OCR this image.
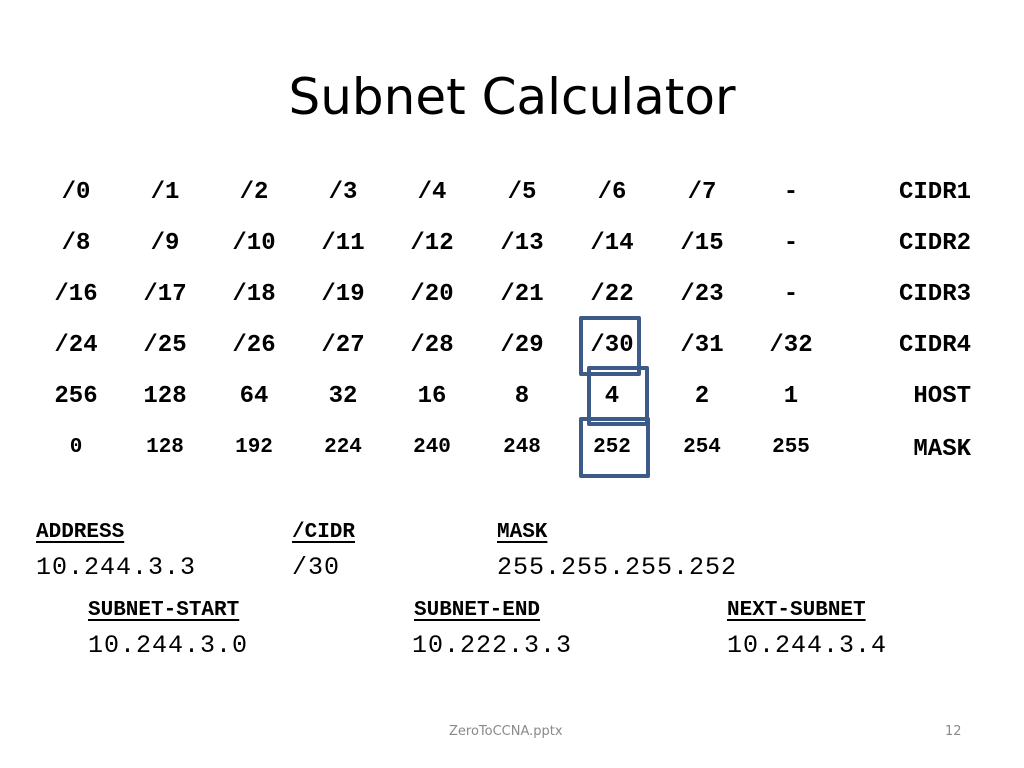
Subnet Calculator
/0	/1	/2	/3	/4	/5	/6	/7	-	CIDR1
/8	/9	/10	/11	/12	/13	/14	/15	-	CIDR2
/16	/17	/18	/19	/20	/21	/22	/23	-	CIDR3
/24	/25	/26	/27	/28	/29	/30	/31	/32	CIDR4
256	128	64	32	16	8	4	2	1	HOST
0	128	192	224	240	248	252	254	255	MASK
ADDRESS
10.244.3.3
/CIDR
/30
MASK
255.255.255.252
SUBNET-START
10.244.3.0
SUBNET-END
10.222.3.3
NEXT-SUBNET
10.244.3.4
ZeroToCCNA.pptx	12
